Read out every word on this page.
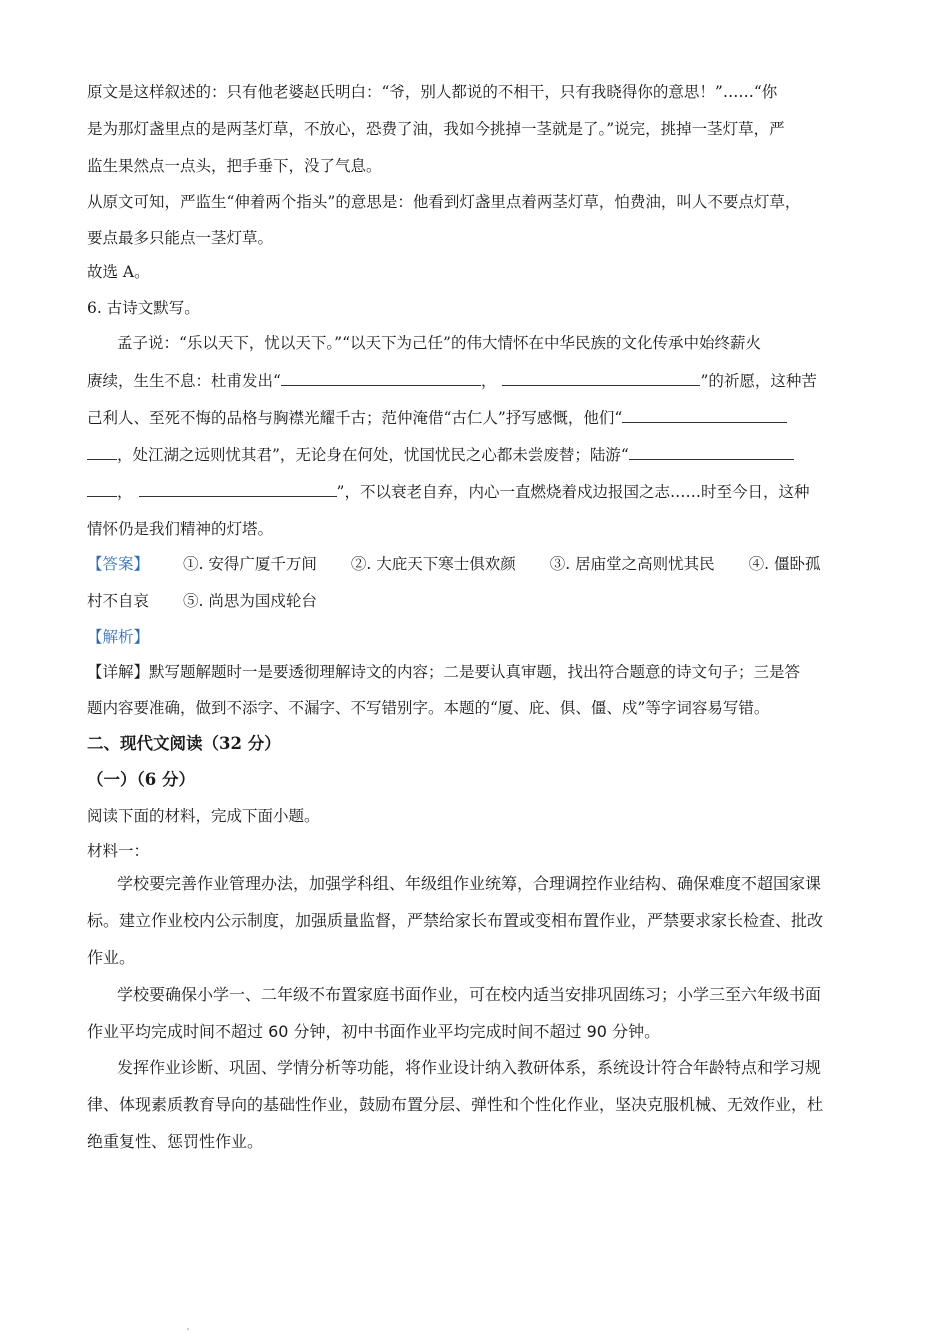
原文是这样叙述的：只有他老婆赵氏明白：“爷，别人都说的不相干，只有我晓得你的意思！”……“你
是为那灯盏里点的是两茎灯草，不放心，恐费了油，我如今挑掉一茎就是了。”说完，挑掉一茎灯草，严
监生果然点一点头，把手垂下，没了气息。
从原文可知，严监生“伸着两个指头”的意思是：他看到灯盏里点着两茎灯草，怕费油，叫人不要点灯草，
要点最多只能点一茎灯草。
故选 A。
6. 古诗文默写。
孟子说：“乐以天下，忧以天下。”“以天下为己任”的伟大情怀在中华民族的文化传承中始终薪火
赓续，生生不息：杜甫发出“	，	”的祈愿，这种苦
己利人、至死不悔的品格与胸襟光耀千古；范仲淹借“古仁人”抒写感慨，他们“
，处江湖之远则忧其君”，无论身在何处，忧国忧民之心都未尝废替；陆游“
，	”，不以衰老自弃，内心一直燃烧着戍边报国之志……时至今日，这种
情怀仍是我们精神的灯塔。
【答案】 ①. 安得广厦千万间 ②. 大庇天下寒士俱欢颜 ③. 居庙堂之高则忧其民 ④. 僵卧孤
村不自哀 ⑤. 尚思为国戍轮台
【解析】
【详解】默写题解题时一是要透彻理解诗文的内容；二是要认真审题，找出符合题意的诗文句子；三是答
题内容要准确，做到不添字、不漏字、不写错别字。本题的“厦、庇、俱、僵、戍”等字词容易写错。
二、现代文阅读（32 分）
（一）（6 分）
阅读下面的材料，完成下面小题。
材料一：
学校要完善作业管理办法，加强学科组、年级组作业统筹，合理调控作业结构、确保难度不超国家课
标。建立作业校内公示制度，加强质量监督，严禁给家长布置或变相布置作业，严禁要求家长检查、批改
作业。
学校要确保小学一、二年级不布置家庭书面作业，可在校内适当安排巩固练习；小学三至六年级书面
作业平均完成时间不超过 60 分钟，初中书面作业平均完成时间不超过 90 分钟。
发挥作业诊断、巩固、学情分析等功能，将作业设计纳入教研体系，系统设计符合年龄特点和学习规
律、体现素质教育导向的基础性作业，鼓励布置分层、弹性和个性化作业，坚决克服机械、无效作业，杜
绝重复性、惩罚性作业。
